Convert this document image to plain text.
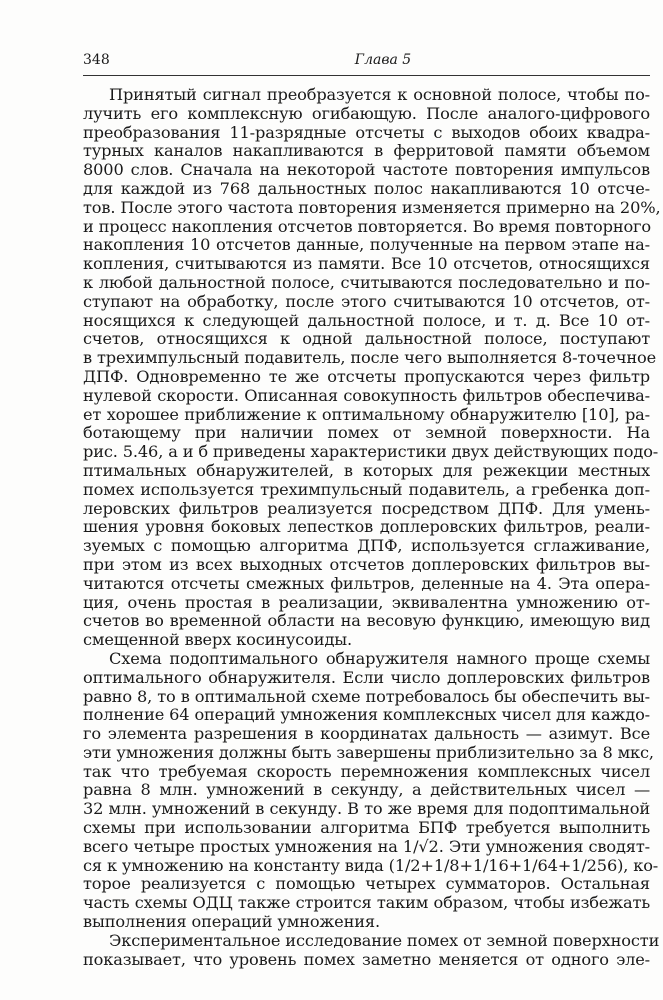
348	Глава 5
Принятый сигнал преобразуется к основной полосе, чтобы по-
лучить его комплексную огибающую. После аналого-цифрового
преобразования 11-разрядные отсчеты с выходов обоих квадра-
турных каналов накапливаются в ферритовой памяти объемом
8000 слов. Сначала на некоторой частоте повторения импульсов
для каждой из 768 дальностных полос накапливаются 10 отсче-
тов. После этого частота повторения изменяется примерно на 20%,
и процесс накопления отсчетов повторяется. Во время повторного
накопления 10 отсчетов данные, полученные на первом этапе на-
копления, считываются из памяти. Все 10 отсчетов, относящихся
к любой дальностной полосе, считываются последовательно и по-
ступают на обработку, после этого считываются 10 отсчетов, от-
носящихся к следующей дальностной полосе, и т. д. Все 10 от-
счетов, относящихся к одной дальностной полосе, поступают
в трехимпульсный подавитель, после чего выполняется 8-точечное
ДПФ. Одновременно те же отсчеты пропускаются через фильтр
нулевой скорости. Описанная совокупность фильтров обеспечива-
ет хорошее приближение к оптимальному обнаружителю [10], ра-
ботающему при наличии помех от земной поверхности. На
рис. 5.46, а и б приведены характеристики двух действующих подо-
птимальных обнаружителей, в которых для режекции местных
помех используется трехимпульсный подавитель, а гребенка доп-
леровских фильтров реализуется посредством ДПФ. Для умень-
шения уровня боковых лепестков доплеровских фильтров, реали-
зуемых с помощью алгоритма ДПФ, используется сглаживание,
при этом из всех выходных отсчетов доплеровских фильтров вы-
читаются отсчеты смежных фильтров, деленные на 4. Эта опера-
ция, очень простая в реализации, эквивалентна умножению от-
счетов во временной области на весовую функцию, имеющую вид
смещенной вверх косинусоиды.
Схема подоптимального обнаружителя намного проще схемы
оптимального обнаружителя. Если число доплеровских фильтров
равно 8, то в оптимальной схеме потребовалось бы обеспечить вы-
полнение 64 операций умножения комплексных чисел для каждо-
го элемента разрешения в координатах дальность — азимут. Все
эти умножения должны быть завершены приблизительно за 8 мкс,
так что требуемая скорость перемножения комплексных чисел
равна 8 млн. умножений в секунду, а действительных чисел —
32 млн. умножений в секунду. В то же время для подоптимальной
схемы при использовании алгоритма БПФ требуется выполнить
всего четыре простых умножения на 1/√2. Эти умножения сводят-
ся к умножению на константу вида (1/2+1/8+1/16+1/64+1/256), ко-
торое реализуется с помощью четырех сумматоров. Остальная
часть схемы ОДЦ также строится таким образом, чтобы избежать
выполнения операций умножения.
Экспериментальное исследование помех от земной поверхности
показывает, что уровень помех заметно меняется от одного эле-
